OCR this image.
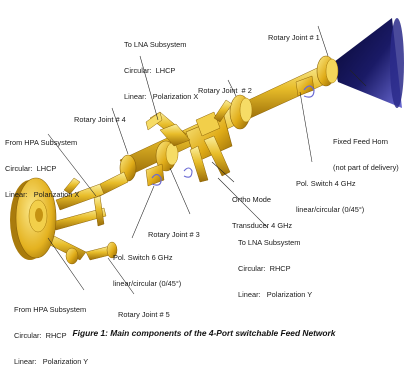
Rotary Joint # 1

To LNA Subsystem

Circular:  LHCP

Linear:   Polarization X

Rotary Joint  # 2

Rotary Joint # 4

Fixed Feed Horn

(not part of delivery)

From HPA Subsystem

Circular:  LHCP

Linear:   Polarization X

Pol. Switch 4 GHz

linear/circular (0/45°)

Ortho Mode

Transducer 4 GHz

Rotary Joint # 3

To LNA Subsystem

Circular:  RHCP

Linear:   Polarization Y

Pol. Switch 6 GHz

linear/circular (0/45°)

From HPA Subsystem

Circular:  RHCP

Linear:   Polarization Y

Rotary Joint # 5

Figure 1: Main components of the 4-Port switchable Feed Network
